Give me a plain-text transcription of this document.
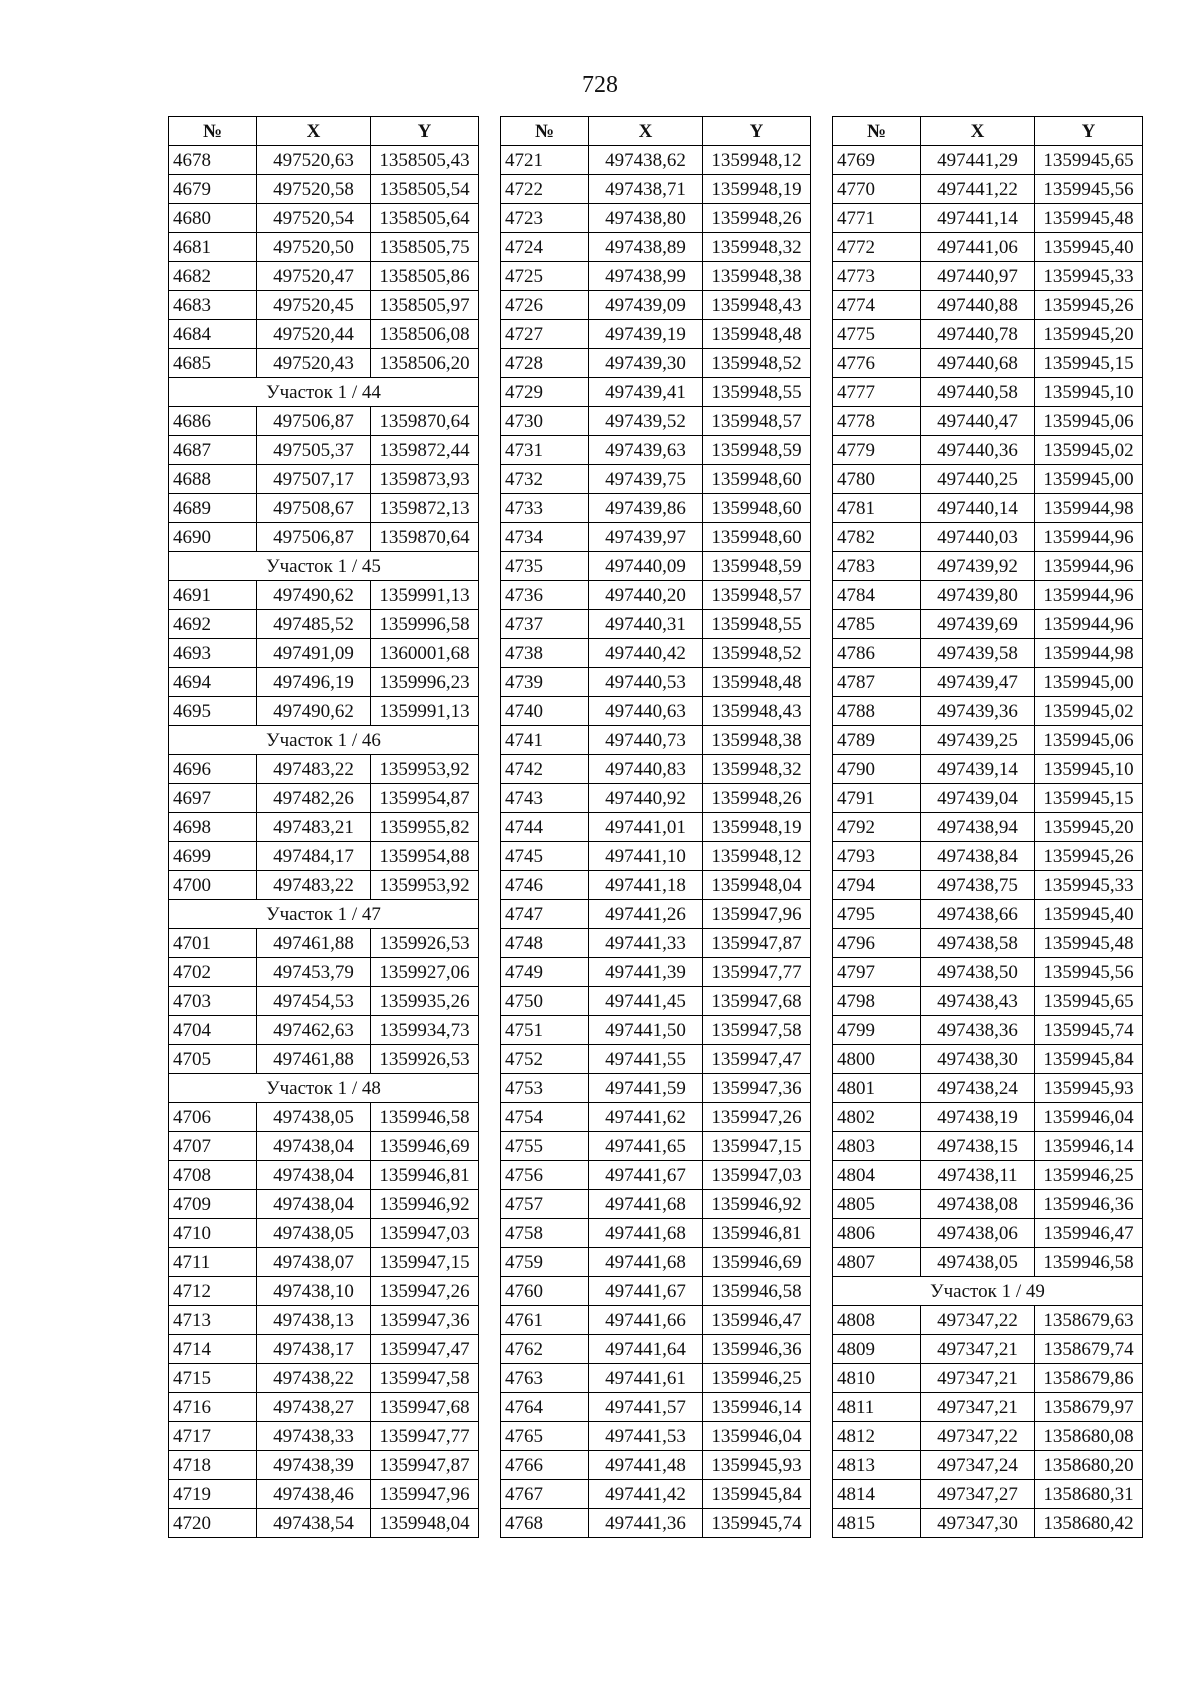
728
№	X	Y
4678	497520,63	1358505,43
4679	497520,58	1358505,54
4680	497520,54	1358505,64
4681	497520,50	1358505,75
4682	497520,47	1358505,86
4683	497520,45	1358505,97
4684	497520,44	1358506,08
4685	497520,43	1358506,20
Участок 1 / 44		
4686	497506,87	1359870,64
4687	497505,37	1359872,44
4688	497507,17	1359873,93
4689	497508,67	1359872,13
4690	497506,87	1359870,64
Участок 1 / 45		
4691	497490,62	1359991,13
4692	497485,52	1359996,58
4693	497491,09	1360001,68
4694	497496,19	1359996,23
4695	497490,62	1359991,13
Участок 1 / 46		
4696	497483,22	1359953,92
4697	497482,26	1359954,87
4698	497483,21	1359955,82
4699	497484,17	1359954,88
4700	497483,22	1359953,92
Участок 1 / 47		
4701	497461,88	1359926,53
4702	497453,79	1359927,06
4703	497454,53	1359935,26
4704	497462,63	1359934,73
4705	497461,88	1359926,53
Участок 1 / 48		
4706	497438,05	1359946,58
4707	497438,04	1359946,69
4708	497438,04	1359946,81
4709	497438,04	1359946,92
4710	497438,05	1359947,03
4711	497438,07	1359947,15
4712	497438,10	1359947,26
4713	497438,13	1359947,36
4714	497438,17	1359947,47
4715	497438,22	1359947,58
4716	497438,27	1359947,68
4717	497438,33	1359947,77
4718	497438,39	1359947,87
4719	497438,46	1359947,96
4720	497438,54	1359948,04
№	X	Y
4721	497438,62	1359948,12
4722	497438,71	1359948,19
4723	497438,80	1359948,26
4724	497438,89	1359948,32
4725	497438,99	1359948,38
4726	497439,09	1359948,43
4727	497439,19	1359948,48
4728	497439,30	1359948,52
4729	497439,41	1359948,55
4730	497439,52	1359948,57
4731	497439,63	1359948,59
4732	497439,75	1359948,60
4733	497439,86	1359948,60
4734	497439,97	1359948,60
4735	497440,09	1359948,59
4736	497440,20	1359948,57
4737	497440,31	1359948,55
4738	497440,42	1359948,52
4739	497440,53	1359948,48
4740	497440,63	1359948,43
4741	497440,73	1359948,38
4742	497440,83	1359948,32
4743	497440,92	1359948,26
4744	497441,01	1359948,19
4745	497441,10	1359948,12
4746	497441,18	1359948,04
4747	497441,26	1359947,96
4748	497441,33	1359947,87
4749	497441,39	1359947,77
4750	497441,45	1359947,68
4751	497441,50	1359947,58
4752	497441,55	1359947,47
4753	497441,59	1359947,36
4754	497441,62	1359947,26
4755	497441,65	1359947,15
4756	497441,67	1359947,03
4757	497441,68	1359946,92
4758	497441,68	1359946,81
4759	497441,68	1359946,69
4760	497441,67	1359946,58
4761	497441,66	1359946,47
4762	497441,64	1359946,36
4763	497441,61	1359946,25
4764	497441,57	1359946,14
4765	497441,53	1359946,04
4766	497441,48	1359945,93
4767	497441,42	1359945,84
4768	497441,36	1359945,74
№	X	Y
4769	497441,29	1359945,65
4770	497441,22	1359945,56
4771	497441,14	1359945,48
4772	497441,06	1359945,40
4773	497440,97	1359945,33
4774	497440,88	1359945,26
4775	497440,78	1359945,20
4776	497440,68	1359945,15
4777	497440,58	1359945,10
4778	497440,47	1359945,06
4779	497440,36	1359945,02
4780	497440,25	1359945,00
4781	497440,14	1359944,98
4782	497440,03	1359944,96
4783	497439,92	1359944,96
4784	497439,80	1359944,96
4785	497439,69	1359944,96
4786	497439,58	1359944,98
4787	497439,47	1359945,00
4788	497439,36	1359945,02
4789	497439,25	1359945,06
4790	497439,14	1359945,10
4791	497439,04	1359945,15
4792	497438,94	1359945,20
4793	497438,84	1359945,26
4794	497438,75	1359945,33
4795	497438,66	1359945,40
4796	497438,58	1359945,48
4797	497438,50	1359945,56
4798	497438,43	1359945,65
4799	497438,36	1359945,74
4800	497438,30	1359945,84
4801	497438,24	1359945,93
4802	497438,19	1359946,04
4803	497438,15	1359946,14
4804	497438,11	1359946,25
4805	497438,08	1359946,36
4806	497438,06	1359946,47
4807	497438,05	1359946,58
Участок 1 / 49		
4808	497347,22	1358679,63
4809	497347,21	1358679,74
4810	497347,21	1358679,86
4811	497347,21	1358679,97
4812	497347,22	1358680,08
4813	497347,24	1358680,20
4814	497347,27	1358680,31
4815	497347,30	1358680,42
